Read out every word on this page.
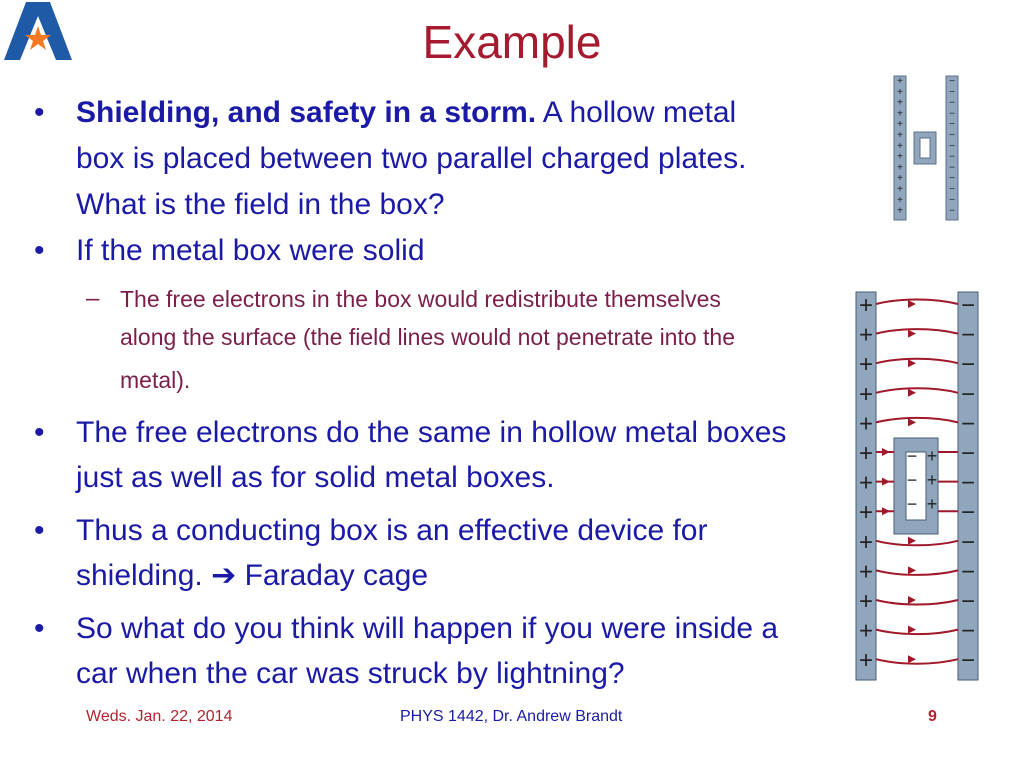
Example
• Shielding, and safety in a storm. A hollow metal
box is placed between two parallel charged plates.
What is the field in the box?
• If the metal box were solid
– The free electrons in the box would redistribute themselves
along the surface (the field lines would not penetrate into the
metal).
• The free electrons do the same in hollow metal boxes
just as well as for solid metal boxes.
• Thus a conducting box is an effective device for
shielding. ➔ Faraday cage
• So what do you think will happen if you were inside a
car when the car was struck by lightning?
+	−
+	−
+	−
+	−
+	−
+	−
+	−
+	−
+	−
+	−
+	−
+	−
+	−
+	−
+	−
+	−
+	−
+	−
+	−
+	−
+	−
+	−
+	−
+	−
+	−
+	−
−
−
−
+
+
+
Weds. Jan. 22, 2014	PHYS 1442, Dr. Andrew Brandt	9
